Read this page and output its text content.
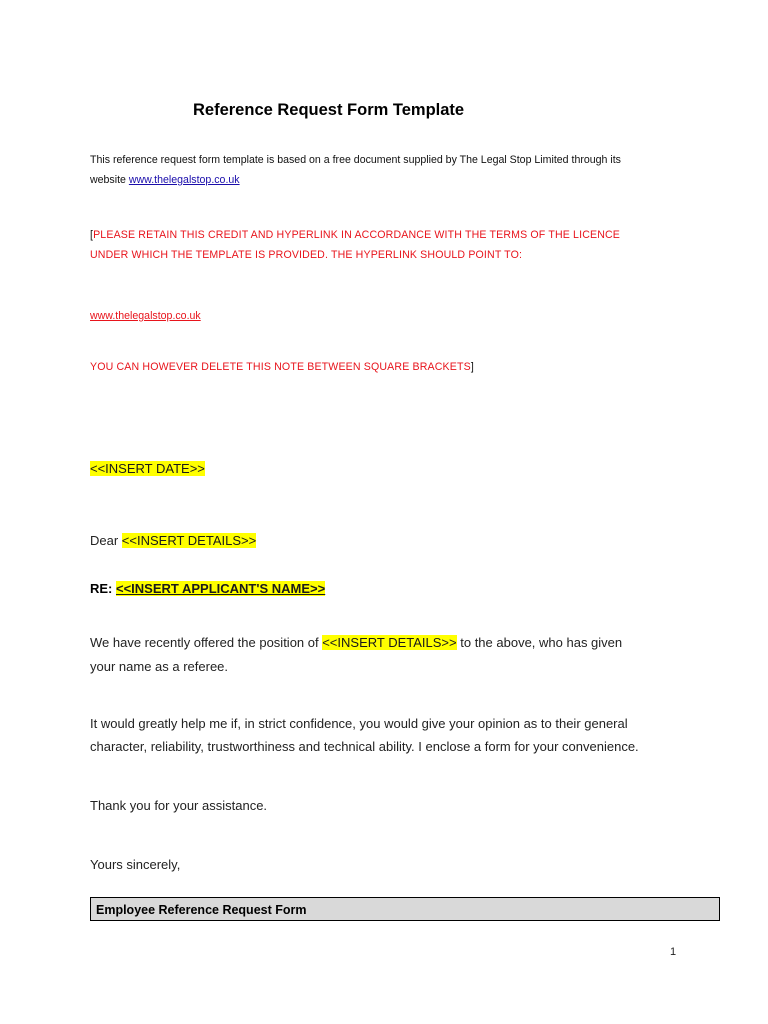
Reference Request Form Template
This reference request form template is based on a free document supplied by The Legal Stop Limited through its
website www.thelegalstop.co.uk
[PLEASE RETAIN THIS CREDIT AND HYPERLINK IN ACCORDANCE WITH THE TERMS OF THE LICENCE
UNDER WHICH THE TEMPLATE IS PROVIDED. THE HYPERLINK SHOULD POINT TO:
www.thelegalstop.co.uk
YOU CAN HOWEVER DELETE THIS NOTE BETWEEN SQUARE BRACKETS]
<<INSERT DATE>>
Dear <<INSERT DETAILS>>
RE: <<INSERT APPLICANT'S NAME>>
We have recently offered the position of <<INSERT DETAILS>> to the above, who has given
your name as a referee.
It would greatly help me if, in strict confidence, you would give your opinion as to their general
character, reliability, trustworthiness and technical ability. I enclose a form for your convenience.
Thank you for your assistance.
Yours sincerely,
Employee Reference Request Form
1
